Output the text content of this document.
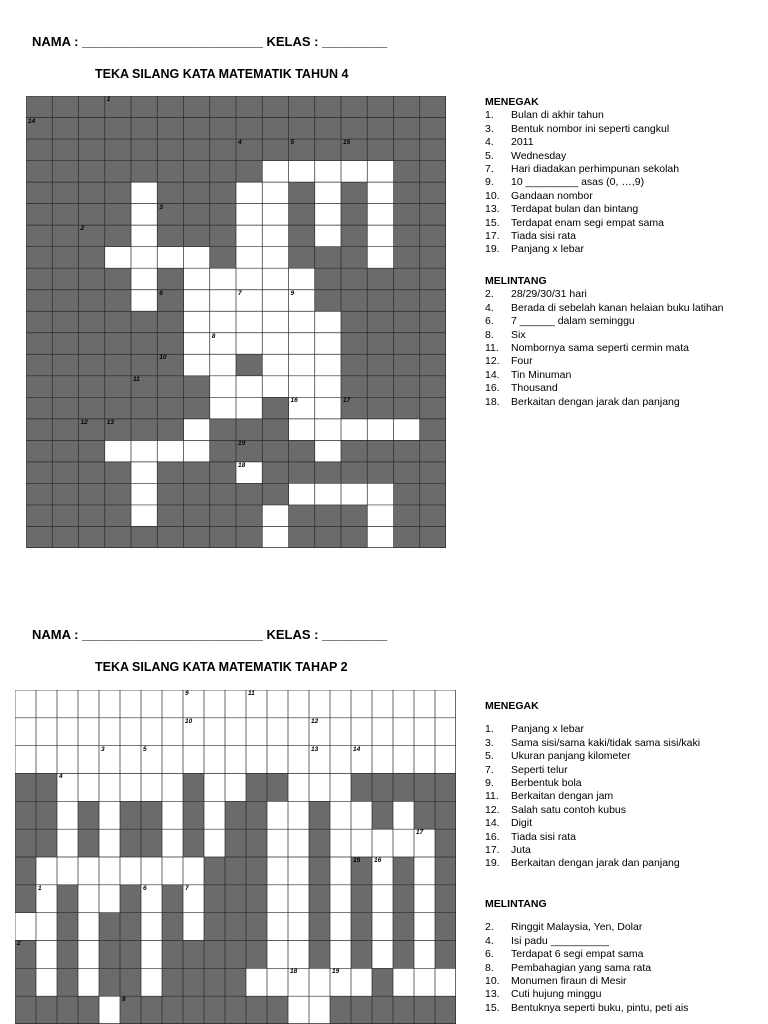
NAMA : _________________________ KELAS : _________
TEKA SILANG KATA MATEMATIK TAHUN 4
1
14
4	5	15
3
2
6	7	9
8
10
11
16	17
12	13
19
18
MENEGAK
1.	Bulan di akhir tahun
3.	Bentuk nombor ini seperti cangkul
4.	2011
5.	Wednesday
7.	Hari diadakan perhimpunan sekolah
9.	10 _________ asas (0, …,9)
10.	Gandaan nombor
13.	Terdapat bulan dan bintang
15.	Terdapat enam segi empat sama
17.	Tiada sisi rata
19.	Panjang x lebar
MELINTANG
2.	28/29/30/31 hari
4.	Berada di sebelah kanan helaian buku latihan
6.	7 ______ dalam seminggu
8.	Six
11.	Nombornya sama seperti cermin mata
12.	Four
14.	Tin Minuman
16.	Thousand
18.	Berkaitan dengan jarak dan panjang
NAMA : _________________________ KELAS : _________
TEKA SILANG KATA MATEMATIK TAHAP 2
9	11
10	12
3	5	13	14
4
17
15 16
1	6	7
2
18	19
8
MENEGAK
1.	Panjang x lebar
3.	Sama sisi/sama kaki/tidak sama sisi/kaki
5.	Ukuran panjang kilometer
7.	Seperti telur
9.	Berbentuk bola
11.	Berkaitan dengan jam
12.	Salah satu contoh kubus
14.	Digit
16.	Tiada sisi rata
17.	Juta
19.	Berkaitan dengan jarak dan panjang
MELINTANG
2.	Ringgit Malaysia, Yen, Dolar
4.	Isi padu __________
6.	Terdapat 6 segi empat sama
8.	Pembahagian yang sama rata
10.	Monumen firaun di Mesir
13.	Cuti hujung minggu
15.	Bentuknya seperti buku, pintu, peti ais
